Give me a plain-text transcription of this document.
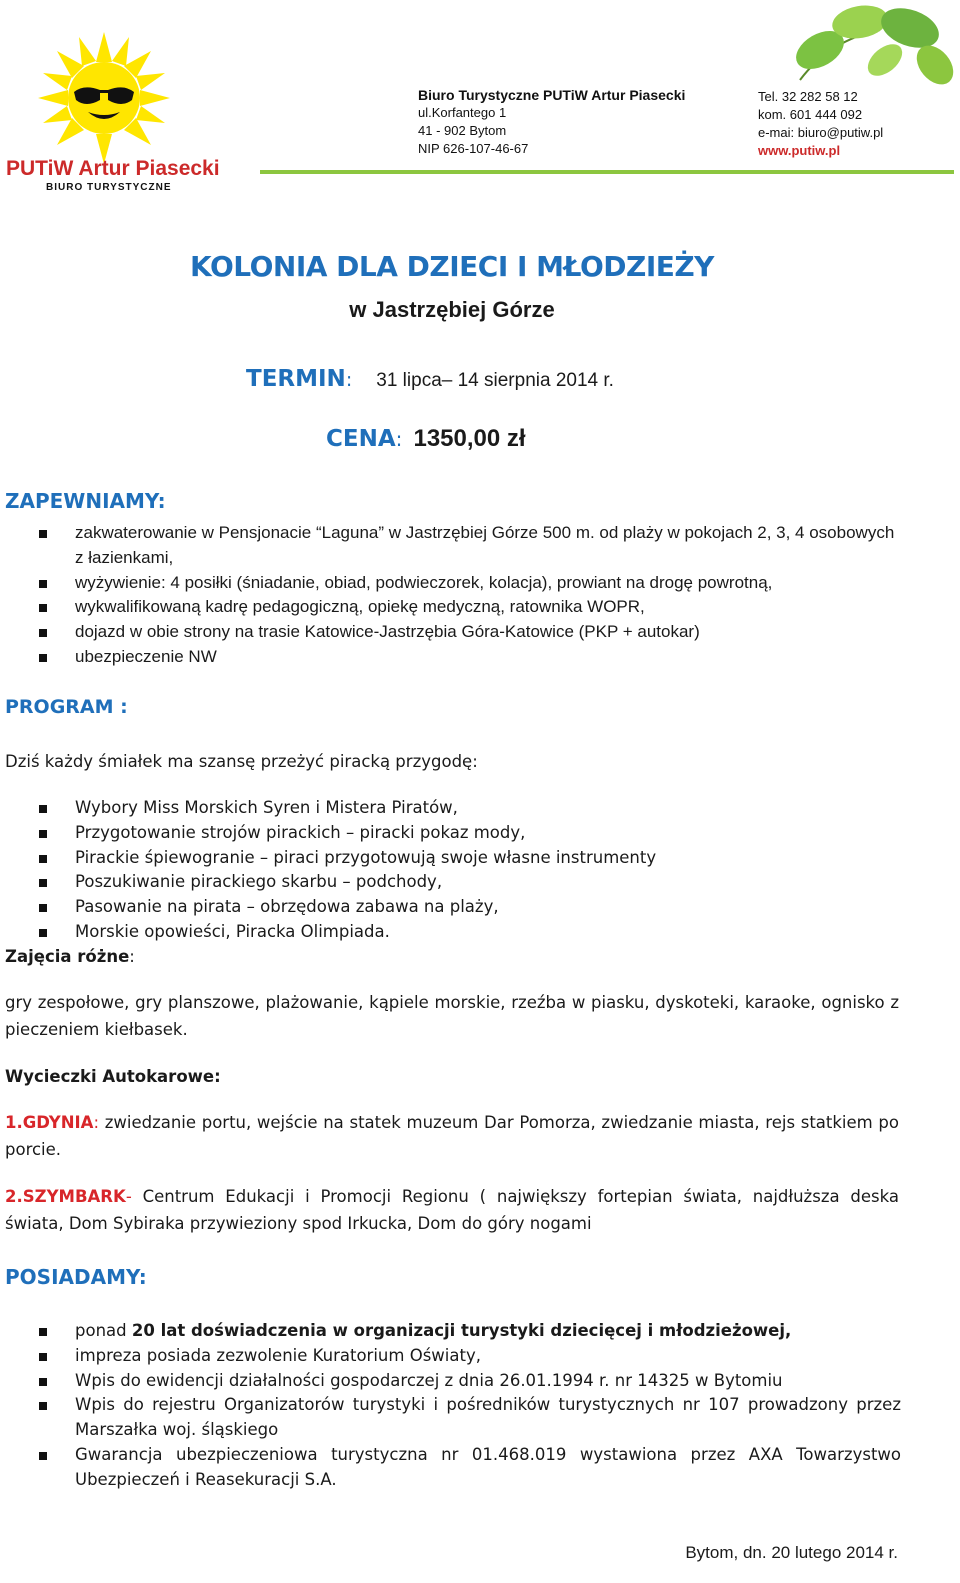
PUTiW Artur Piasecki
BIURO TURYSTYCZNE
Biuro Turystyczne PUTiW Artur Piasecki
ul.Korfantego 1
41 - 902 Bytom
NIP 626-107-46-67
Tel. 32 282 58 12
kom. 601 444 092
e-mai: biuro@putiw.pl
www.putiw.pl
KOLONIA DLA DZIECI I MŁODZIEŻY
w Jastrzębiej Górze
TERMIN: 31 lipca– 14 sierpnia 2014 r.
CENA: 1350,00 zł
ZAPEWNIAMY:
zakwaterowanie w Pensjonacie “Laguna” w Jastrzębiej Górze 500 m. od plaży w pokojach 2, 3, 4 osobowych z łazienkami,
wyżywienie: 4 posiłki (śniadanie, obiad, podwieczorek, kolacja), prowiant na drogę powrotną,
wykwalifikowaną kadrę pedagogiczną, opiekę medyczną, ratownika WOPR,
dojazd w obie strony na trasie Katowice-Jastrzębia Góra-Katowice (PKP + autokar)
ubezpieczenie NW
PROGRAM :
Dziś każdy śmiałek ma szansę przeżyć piracką przygodę:
Wybory Miss Morskich Syren i Mistera Piratów,
Przygotowanie strojów pirackich – piracki pokaz mody,
Pirackie śpiewogranie – piraci przygotowują swoje własne instrumenty
Poszukiwanie pirackiego skarbu – podchody,
Pasowanie na pirata – obrzędowa zabawa na plaży,
Morskie opowieści, Piracka Olimpiada.
Zajęcia różne:
gry zespołowe, gry planszowe, plażowanie, kąpiele morskie, rzeźba w piasku, dyskoteki, karaoke, ognisko z pieczeniem kiełbasek.
Wycieczki Autokarowe:
1.GDYNIA: zwiedzanie portu, wejście na statek muzeum Dar Pomorza, zwiedzanie miasta, rejs statkiem po porcie.
2.SZYMBARK- Centrum Edukacji i Promocji Regionu ( największy fortepian świata, najdłuższa deska świata, Dom Sybiraka przywieziony spod Irkucka, Dom do góry nogami
POSIADAMY:
ponad 20 lat doświadczenia w organizacji turystyki dziecięcej i młodzieżowej,
impreza posiada zezwolenie Kuratorium Oświaty,
Wpis do ewidencji działalności gospodarczej z dnia 26.01.1994 r. nr 14325 w Bytomiu
Wpis do rejestru Organizatorów turystyki i pośredników turystycznych nr 107 prowadzony przez Marszałka woj. śląskiego
Gwarancja ubezpieczeniowa turystyczna nr 01.468.019 wystawiona przez AXA Towarzystwo Ubezpieczeń i Reasekuracji S.A.
Bytom, dn. 20 lutego 2014 r.
